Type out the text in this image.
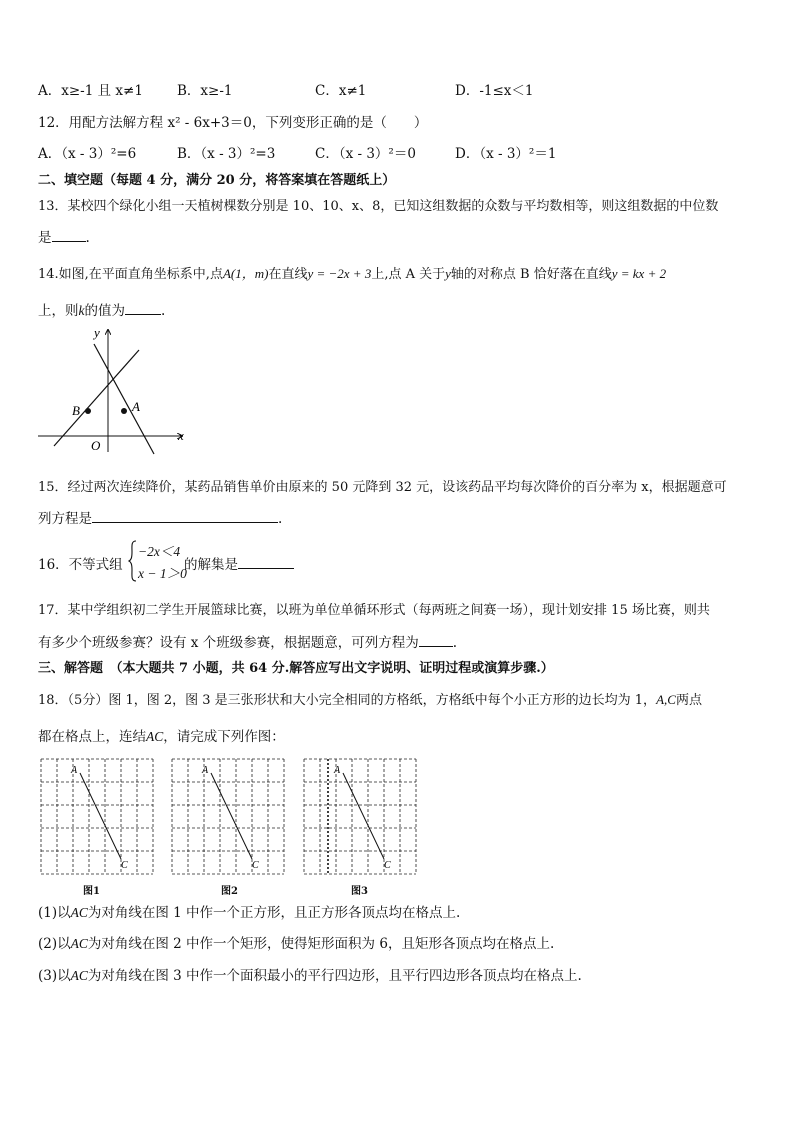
A．x≥-1 且 x≠1	B．x≥-1	C．x≠1	D．-1≤x＜1
12．用配方法解方程 x² - 6x+3＝0，下列变形正确的是（　　）
A．（x - 3）²=6	B．（x - 3）²=3	C．（x - 3）²＝0	D．（x - 3）²＝1
二、填空题（每题 4 分，满分 20 分，将答案填在答题纸上）
13．某校四个绿化小组一天植树棵数分别是 10、10、x、8，已知这组数据的众数与平均数相等，则这组数据的中位数
是	.
14.如图,在平面直角坐标系中,点A(1，m)在直线y = −2x + 3上,点 A 关于y轴的对称点 B 恰好落在直线y = kx + 2
上，则k的值为	.
y
x
O
B	A
15．经过两次连续降价，某药品销售单价由原来的 50 元降到 32 元，设该药品平均每次降价的百分率为 x，根据题意可
列方程是	.
16．不等式组
−2x＜4
x − 1＞0
的解集是
17．某中学组织初二学生开展篮球比赛，以班为单位单循环形式（每两班之间赛一场），现计划安排 15 场比赛，则共
有多少个班级参赛？设有 x 个班级参赛，根据题意，可列方程为	.
三、解答题　（本大题共 7 小题，共 64 分.解答应写出文字说明、证明过程或演算步骤.）
18．（5分）图 1，图 2，图 3 是三张形状和大小完全相同的方格纸，方格纸中每个小正方形的边长均为 1，A,C两点
都在格点上，连结AC，请完成下列作图：
A
C
A
C
A
C
图1	图2	图3
(1)以AC为对角线在图 1 中作一个正方形，且正方形各顶点均在格点上.
(2)以AC为对角线在图 2 中作一个矩形，使得矩形面积为 6，且矩形各顶点均在格点上.
(3)以AC为对角线在图 3 中作一个面积最小的平行四边形，且平行四边形各顶点均在格点上.
